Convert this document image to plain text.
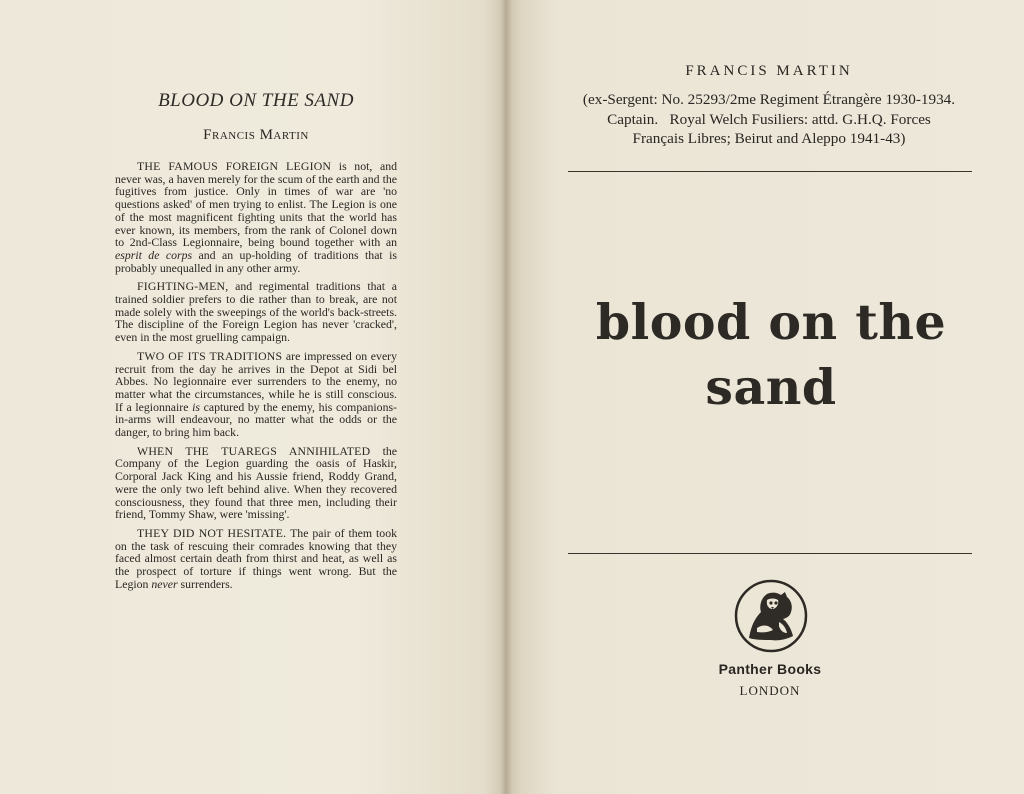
BLOOD ON THE SAND
Francis Martin

THE FAMOUS FOREIGN LEGION is not, and never was, a haven merely for the scum of the earth and the fugitives from justice. Only in times of war are 'no questions asked' of men trying to enlist. The Legion is one of the most magnificent fighting units that the world has ever known, its members, from the rank of Colonel down to 2nd-Class Legionnaire, being bound together with an esprit de corps and an up-holding of traditions that is probably unequalled in any other army.

FIGHTING-MEN, and regimental traditions that a trained soldier prefers to die rather than to break, are not made solely with the sweepings of the world's back-streets. The discipline of the Foreign Legion has never 'cracked', even in the most gruelling campaign.

TWO OF ITS TRADITIONS are impressed on every recruit from the day he arrives in the Depot at Sidi bel Abbes. No legionnaire ever surrenders to the enemy, no matter what the circumstances, while he is still conscious. If a legionnaire is captured by the enemy, his companions-in-arms will endeavour, no matter what the odds or the danger, to bring him back.

WHEN THE TUAREGS ANNIHILATED the Company of the Legion guarding the oasis of Haskir, Corporal Jack King and his Aussie friend, Roddy Grand, were the only two left behind alive. When they recovered consciousness, they found that three men, including their friend, Tommy Shaw, were 'missing'.

THEY DID NOT HESITATE. The pair of them took on the task of rescuing their comrades knowing that they faced almost certain death from thirst and heat, as well as the prospect of torture if things went wrong. But the Legion never surrenders.

FRANCIS MARTIN
(ex-Sergent: No. 25293/2me Regiment Étrangère 1930-1934.
Captain.   Royal Welch Fusiliers: attd. G.H.Q. Forces
Français Libres; Beirut and Aleppo 1941-43)
blood on the
sand
Panther Books
LONDON
